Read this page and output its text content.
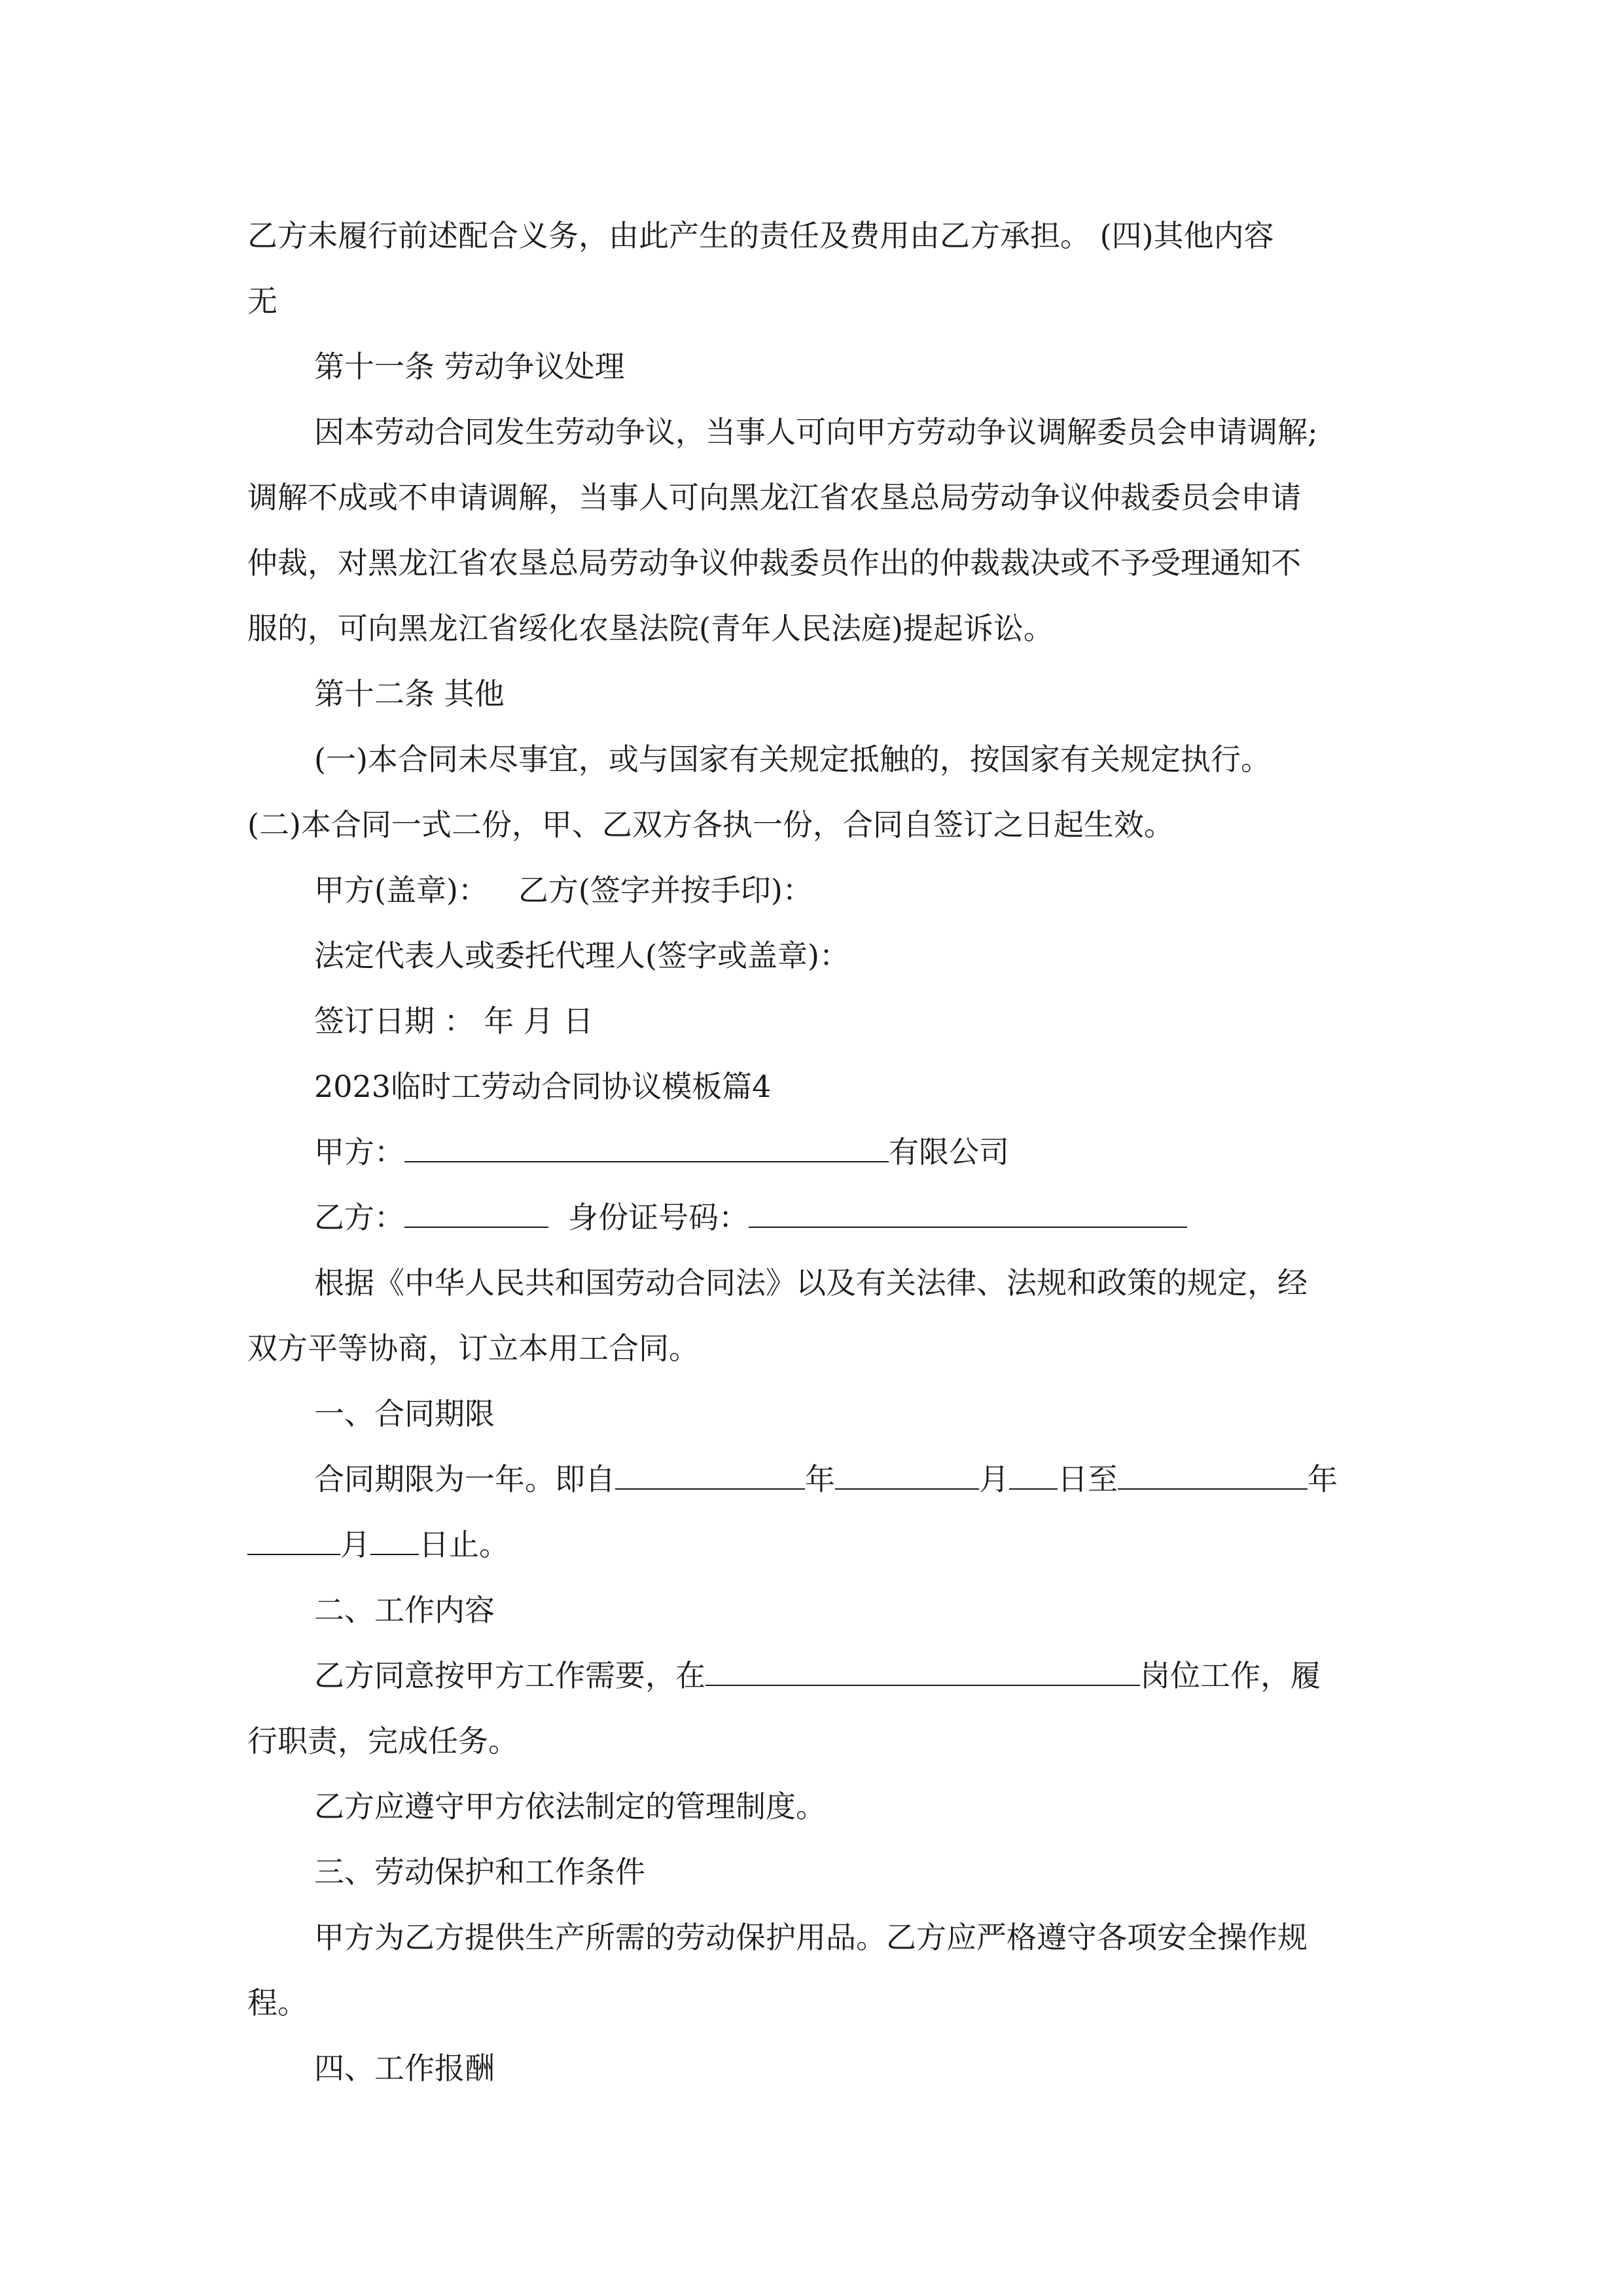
乙方未履行前述配合义务，由此产生的责任及费用由乙方承担。 (四)其他内容

无

第十一条 劳动争议处理

因本劳动合同发生劳动争议，当事人可向甲方劳动争议调解委员会申请调解;

调解不成或不申请调解，当事人可向黑龙江省农垦总局劳动争议仲裁委员会申请

仲裁，对黑龙江省农垦总局劳动争议仲裁委员作出的仲裁裁决或不予受理通知不

服的，可向黑龙江省绥化农垦法院(青年人民法庭)提起诉讼。

第十二条 其他

(一)本合同未尽事宜，或与国家有关规定抵触的，按国家有关规定执行。

(二)本合同一式二份，甲、乙双方各执一份，合同自签订之日起生效。

甲方(盖章)： 乙方(签字并按手印)：

法定代表人或委托代理人(签字或盖章)：

签订日期 ： 年 月 日

2023临时工劳动合同协议模板篇4

甲方：	有限公司

乙方：	身份证号码：

根据《中华人民共和国劳动合同法》以及有关法律、法规和政策的规定，经

双方平等协商，订立本用工合同。

一、合同期限

合同期限为一年。即自	年	月 日至	年

月 日止。

二、工作内容

乙方同意按甲方工作需要，在	岗位工作，履

行职责，完成任务。

乙方应遵守甲方依法制定的管理制度。

三、劳动保护和工作条件

甲方为乙方提供生产所需的劳动保护用品。乙方应严格遵守各项安全操作规

程。

四、工作报酬
